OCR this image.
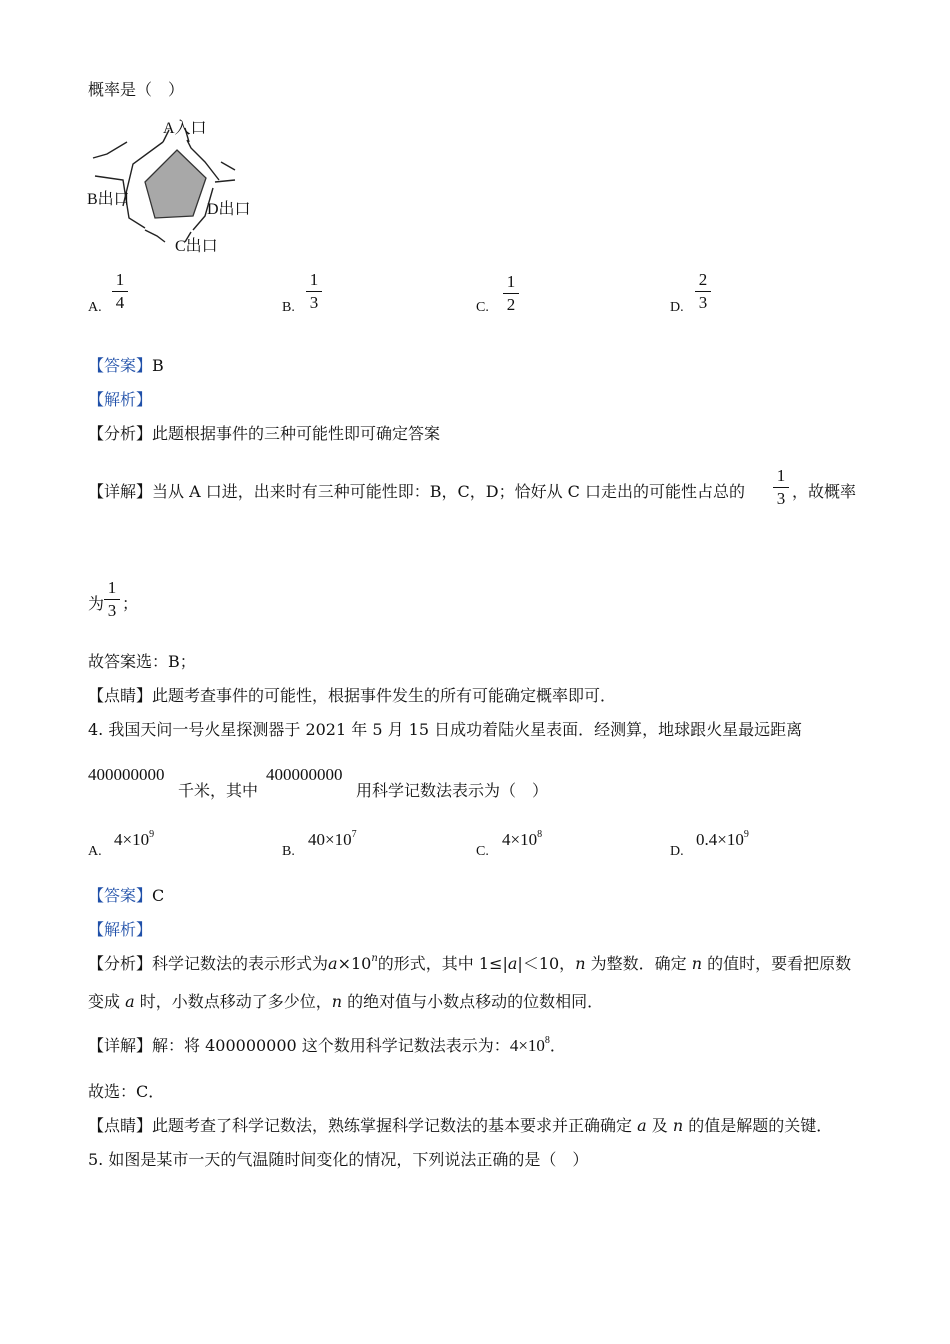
概率是（　）
A入口
B出口
D出口
C出口
A.
1
4	B.
1
3	C.
1
2	D.
2
3
【答案】B
【解析】
【分析】此题根据事件的三种可能性即可确定答案
【详解】当从 A 口进，出来时有三种可能性即：B，C，D；恰好从 C 口走出的可能性占总的
1
3 ，故概率
为
1
3 ；
故答案选：B；
【点睛】此题考查事件的可能性，根据事件发生的所有可能确定概率即可．
4. 我国天问一号火星探测器于 2021 年 5 月 15 日成功着陆火星表面．经测算，地球跟火星最远距离
400000000
千米，其中
400000000
用科学记数法表示为（　）
A.
$4\times 10^9$
B.
$40\times 10^7$
C.
$4\times 10^8$
D.
$0.4\times 10^9$
【答案】C
【解析】
【分析】科学记数法的表示形式为$a\times 10^n$的形式，其中 1≤|a|＜10，n 为整数．确定 n 的值时，要看把原数
变成 a 时，小数点移动了多少位，n 的绝对值与小数点移动的位数相同．
【详解】解：将 400000000 这个数用科学记数法表示为：$4\times 10^8$．
故选：C．
【点睛】此题考查了科学记数法，熟练掌握科学记数法的基本要求并正确确定 a 及 n 的值是解题的关键．
5. 如图是某市一天的气温随时间变化的情况，下列说法正确的是（　）
